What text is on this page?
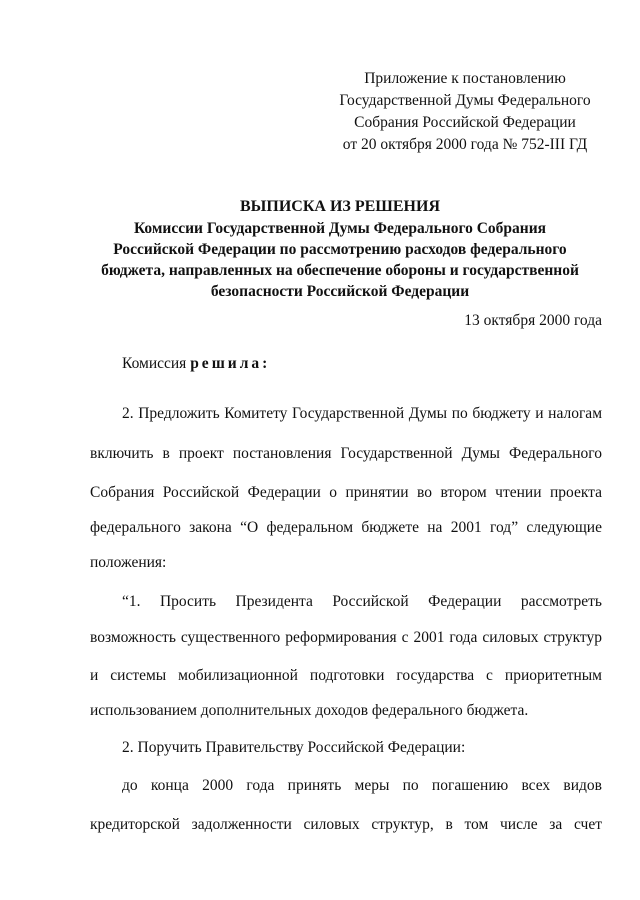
Приложение к постановлению
Государственной Думы Федерального
Собрания Российской Федерации
от 20 октября 2000 года № 752-III ГД
ВЫПИСКА ИЗ РЕШЕНИЯ
Комиссии Государственной Думы Федерального Собрания
Российской Федерации по рассмотрению расходов федерального
бюджета, направленных на обеспечение обороны и государственной
безопасности Российской Федерации
13 октября 2000 года
Комиссия решила:
2. Предложить Комитету Государственной Думы по бюджету и налогам
включить в проект постановления Государственной Думы Федерального
Собрания Российской Федерации о принятии во втором чтении проекта
федерального закона “О федеральном бюджете на 2001 год” следующие
положения:
“1. Просить Президента Российской Федерации рассмотреть
возможность существенного реформирования с 2001 года силовых структур
и системы мобилизационной подготовки государства с приоритетным
использованием дополнительных доходов федерального бюджета.
2. Поручить Правительству Российской Федерации:
до конца 2000 года принять меры по погашению всех видов
кредиторской задолженности силовых структур, в том числе за счет
